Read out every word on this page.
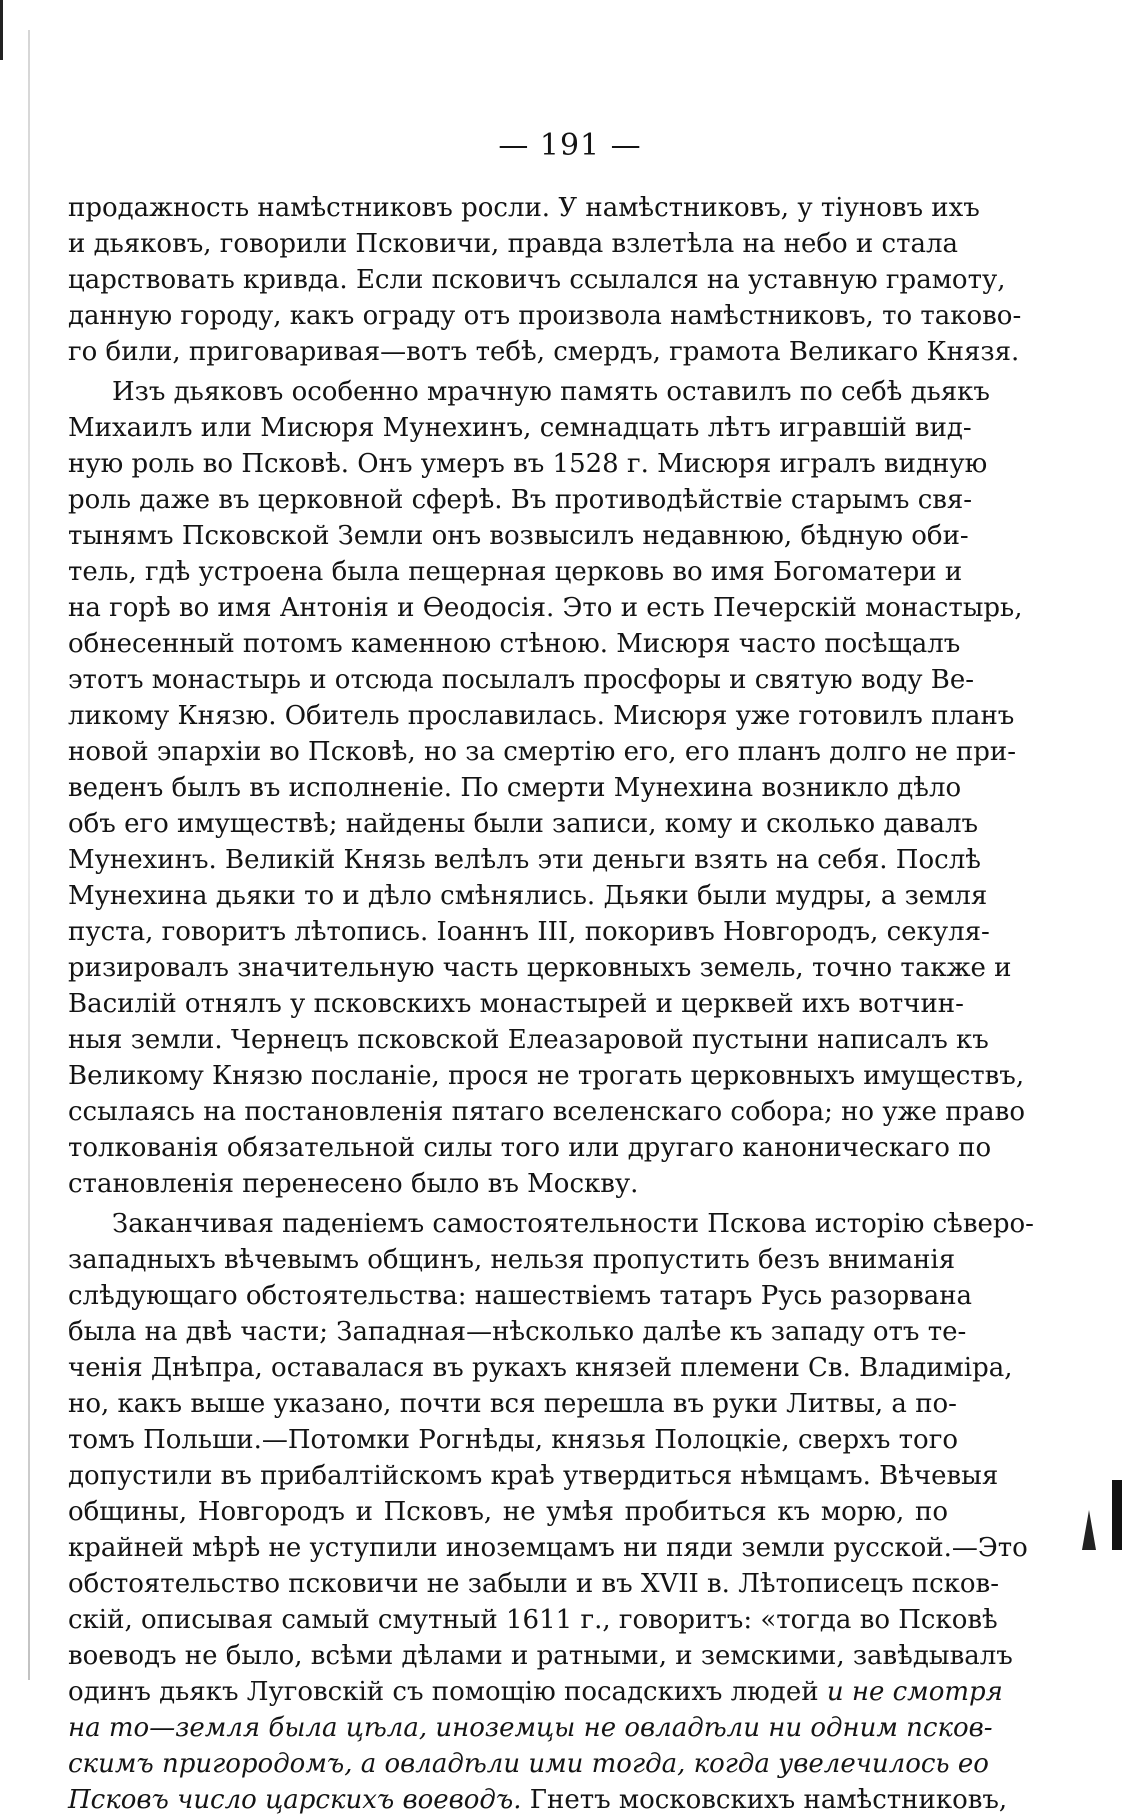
— 191 —
продажность намѣстниковъ росли. У намѣстниковъ, у тіуновъ ихъ
и дьяковъ, говорили Псковичи, правда взлетѣла на небо и стала
царствовать кривда. Если псковичъ ссылался на уставную грамоту,
данную городу, какъ ограду отъ произвола намѣстниковъ, то таково-
го били, приговаривая—вотъ тебѣ, смердъ, грамота Великаго Князя.
Изъ дьяковъ особенно мрачную память оставилъ по себѣ дьякъ
Михаилъ или Мисюря Мунехинъ, семнадцать лѣтъ игравшій вид-
ную роль во Псковѣ. Онъ умеръ въ 1528 г. Мисюря игралъ видную
роль даже въ церковной сферѣ. Въ противодѣйствіе старымъ свя-
тынямъ Псковской Земли онъ возвысилъ недавнюю, бѣдную оби-
тель, гдѣ устроена была пещерная церковь во имя Богоматери и
на горѣ во имя Антонія и Ѳеодосія. Это и есть Печерскій монастырь,
обнесенный потомъ каменною стѣною. Мисюря часто посѣщалъ
этотъ монастырь и отсюда посылалъ просфоры и святую воду Ве-
ликому Князю. Обитель прославилась. Мисюря уже готовилъ планъ
новой эпархіи во Псковѣ, но за смертію его, его планъ долго не при-
веденъ былъ въ исполненіе. По смерти Мунехина возникло дѣло
объ его имуществѣ; найдены были записи, кому и сколько давалъ
Мунехинъ. Великій Князь велѣлъ эти деньги взять на себя. Послѣ
Мунехина дьяки то и дѣло смѣнялись. Дьяки были мудры, а земля
пуста, говоритъ лѣтопись. Іоаннъ III, покоривъ Новгородъ, секуля-
ризировалъ значительную часть церковныхъ земель, точно также и
Василій отнялъ у псковскихъ монастырей и церквей ихъ вотчин-
ныя земли. Чернецъ псковской Елеазаровой пустыни написалъ къ
Великому Князю посланіе, прося не трогать церковныхъ имуществъ,
ссылаясь на постановленія пятаго вселенскаго собора; но уже право
толкованія обязательной силы того или другаго каноническаго по
становленія перенесено было въ Москву.
Заканчивая паденіемъ самостоятельности Пскова исторію сѣверо-
западныхъ вѣчевымъ общинъ, нельзя пропустить безъ вниманія
слѣдующаго обстоятельства: нашествіемъ татаръ Русь разорвана
была на двѣ части; Западная—нѣсколько далѣе къ западу отъ те-
ченія Днѣпра, оставалася въ рукахъ князей племени Св. Владиміра,
но, какъ выше указано, почти вся перешла въ руки Литвы, а по-
томъ Польши.—Потомки Рогнѣды, князья Полоцкіе, сверхъ того
допустили въ прибалтійскомъ краѣ утвердиться нѣмцамъ. Вѣчевыя
общины, Новгородъ и Псковъ, не умѣя пробиться къ морю, по
крайней мѣрѣ не уступили иноземцамъ ни пяди земли русской.—Это
обстоятельство псковичи не забыли и въ XVII в. Лѣтописецъ псков-
скій, описывая самый смутный 1611 г., говоритъ: «тогда во Псковѣ
воеводъ не было, всѣми дѣлами и ратными, и земскими, завѣдывалъ
одинъ дьякъ Луговскій съ помощію посадскихъ людей и не смотря
на то—земля была цѣла, иноземцы не овладѣли ни одним псков-
скимъ пригородомъ, а овладѣли ими тогда, когда увелечилось ео
Псковъ число царскихъ воеводъ. Гнетъ московскихъ намѣстниковъ,
